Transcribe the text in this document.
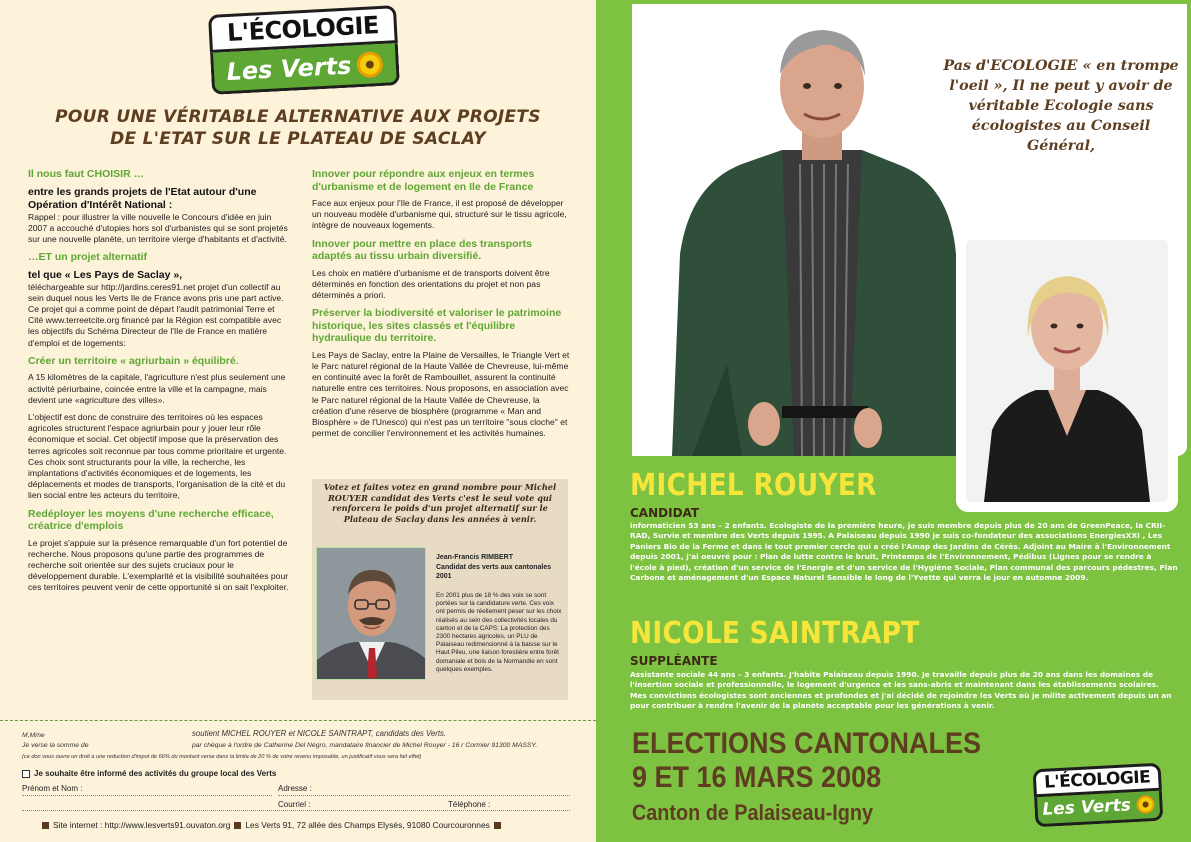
L'ÉCOLOGIE
Les Verts
POUR UNE VÉRITABLE ALTERNATIVE AUX PROJETS
DE L'ETAT SUR LE PLATEAU DE SACLAY
Il nous faut CHOISIR …
entre les grands projets de l'Etat autour d'une Opération d'Intérêt National :
Rappel : pour illustrer la ville nouvelle le Concours d'idée en juin 2007 a accouché d'utopies hors sol d'urbanistes qui se sont projetés sur une nouvelle planète, un territoire vierge d'habitants et d'activité.
…ET un projet alternatif
tel que « Les Pays de Saclay »,
téléchargeable sur http://jardins.ceres91.net projet d'un collectif au sein duquel nous les Verts Ile de France avons pris une part active. Ce projet qui a comme point de départ l'audit patrimonial Terre et Cité www.terreetcite.org financé par la Région est compatible avec les objectifs du Schéma Directeur de l'Ile de France en matière d'emploi et de logements:
Créer un territoire « agriurbain » équilibré.
A 15 kilomètres de la capitale, l'agriculture n'est plus seulement une activité périurbaine, coincée entre la ville et la campagne, mais devient une «agriculture des villes».
L'objectif est donc de construire des territoires où les espaces agricoles structurent l'espace agriurbain pour y jouer leur rôle économique et social. Cet objectif impose que la préservation des terres agricoles soit reconnue par tous comme prioritaire et urgente. Ces choix sont structurants pour la ville, la recherche, les implantations d'activités économiques et de logements, les déplacements et modes de transports, l'organisation de la cité et du lien social entre les acteurs du territoire,
Redéployer les moyens d'une recherche efficace, créatrice d'emplois
Le projet s'appuie sur la présence remarquable d'un fort potentiel de recherche. Nous proposons qu'une partie des programmes de recherche soit orientée sur des sujets cruciaux pour le développement durable. L'exemplarité et la visibilité souhaitées pour ces territoires peuvent venir de cette opportunité si on sait l'exploiter.
Innover pour répondre aux enjeux en termes d'urbanisme et de logement en Ile de France
Face aux enjeux pour l'Ile de France, il est proposé de développer un nouveau modèle d'urbanisme qui, structuré sur le tissu agricole, intègre de nouveaux logements.
Innover pour mettre en place des transports adaptés au tissu urbain diversifié.
Les choix en matière d'urbanisme et de transports doivent être déterminés en fonction des orientations du projet et non pas déterminés a priori.
Préserver la biodiversité et valoriser le patrimoine historique, les sites classés et l'équilibre hydraulique du territoire.
Les Pays de Saclay, entre la Plaine de Versailles, le Triangle Vert et le Parc naturel régional de la Haute Vallée de Chevreuse, lui-même en continuité avec la forêt de Rambouillet, assurent la continuité naturelle entre ces territoires. Nous proposons, en association avec le Parc naturel régional de la Haute Vallée de Chevreuse, la création d'une réserve de biosphère (programme « Man and Biosphère » de l'Unesco) qui n'est pas un territoire "sous cloche" et permet de concilier l'environnement et les activités humaines.
Votez et faites votez en grand nombre pour Michel ROUYER candidat des Verts c'est le seul vote qui renforcera le poids d'un projet alternatif sur le Plateau de Saclay dans les années à venir.
Jean-Francis RIMBERT
Candidat des verts aux cantonales 2001
En 2001 plus de 18 % des voix se sont portées sur la candidature verte. Ces voix ont permis de réellement peser sur les choix réalisés au sein des collectivités locales du canton et de la CAPS: La protection des 2300 hectares agricoles, un PLU de Palaiseau redimensionné à la baisse sur le Haut Pileu, une liaison forestière entre forêt domaniale et bois de la Normandie en sont quelques exemples.
M,Mme
Je verse la somme de
soutient MICHEL ROUYER et NICOLE SAINTRAPT, candidats des Verts.
par chèque à l'ordre de Catherine Del Négro, mandataire financier de Michel Rouyer - 16 r Cormier 91300 MASSY.
(ce don vous ouvre un droit a une reduction d'impot de 66% du montant verse dans la limite de 20 % de votre revenu imposable, un justificatif vous sera fait effet)
Je souhaite être informé des activités du groupe local des Verts
Prénom et Nom :	Adresse :
Courriel :	Téléphone :
Site internet : http://www.lesverts91.ouvaton.org Les Verts 91, 72 allée des Champs Elysés, 91080 Courcouronnes
Pas d'ECOLOGIE « en trompe l'oeil », Il ne peut y avoir de véritable Ecologie sans écologistes au Conseil Général,
MICHEL ROUYER
CANDIDAT
informaticien 53 ans – 2 enfants. Ecologiste de la première heure, je suis membre depuis plus de 20 ans de GreenPeace, la CRII-RAD, Survie et membre des Verts depuis 1995. A Palaiseau depuis 1990 je suis co-fondateur des associations EnergiesXXI , Les Paniers Bio de la Ferme et dans le tout premier cercle qui a créé l'Amap des Jardins de Cérès. Adjoint au Maire à l'Environnement depuis 2001, j'ai oeuvré pour : Plan de lutte contre le bruit, Printemps de l'Environnement, Pédibus (Lignes pour se rendre à l'école à pied), création d'un service de l'Energie et d'un service de l'Hygiène Sociale, Plan communal des parcours pédestres, Plan Carbone et aménagement d'un Espace Naturel Sensible le long de l'Yvette qui verra le jour en automne 2009.
NICOLE SAINTRAPT
SUPPLÉANTE
Assistante sociale 44 ans – 3 enfants. J'habite Palaiseau depuis 1990. Je travaille depuis plus de 20 ans dans les domaines de l'insertion sociale et professionnelle, le logement d'urgence et les sans-abris et maintenant dans les établissements scolaires. Mes convictions écologistes sont anciennes et profondes et j'ai décidé de rejoindre les Verts où je milite activement depuis un an pour contribuer à rendre l'avenir de la planète acceptable pour les générations à venir.
ELECTIONS CANTONALES
9 ET 16 MARS 2008
Canton de Palaiseau-Igny
L'ÉCOLOGIE
Les Verts
